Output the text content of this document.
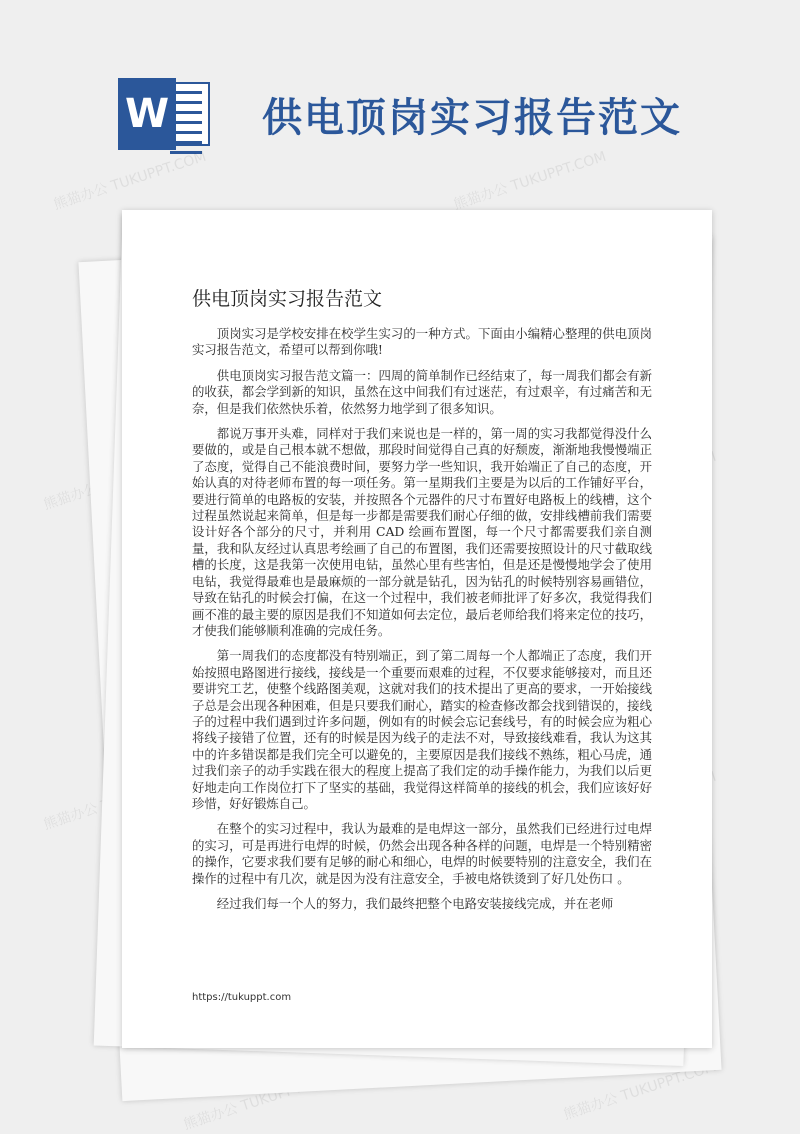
W 供电顶岗实习报告范文
熊猫办公 TUKUPPT.COM	熊猫办公 TUKUPPT.COM
熊猫办公
熊猫办公
熊猫办公 TUKUPPT.COM	熊猫办公 TUKUPPT.COM
供电顶岗实习报告范文

顶岗实习是学校安排在校学生实习的一种方式。下面由小编精心整理的供电顶岗实习报告范文，希望可以帮到你哦!

供电顶岗实习报告范文篇一：四周的简单制作已经结束了，每一周我们都会有新的收获，都会学到新的知识，虽然在这中间我们有过迷茫，有过艰辛，有过痛苦和无奈，但是我们依然快乐着，依然努力地学到了很多知识。

都说万事开头难，同样对于我们来说也是一样的，第一周的实习我都觉得没什么要做的，或是自己根本就不想做，那段时间觉得自己真的好颓废，渐渐地我慢慢端正了态度，觉得自己不能浪费时间，要努力学一些知识，我开始端正了自己的态度，开始认真的对待老师布置的每一项任务。第一星期我们主要是为以后的工作铺好平台，要进行简单的电路板的安装，并按照各个元器件的尺寸布置好电路板上的线槽，这个过程虽然说起来简单，但是每一步都是需要我们耐心仔细的做，安排线槽前我们需要设计好各个部分的尺寸，并利用 CAD 绘画布置图，每一个尺寸都需要我们亲自测量，我和队友经过认真思考绘画了自己的布置图，我们还需要按照设计的尺寸截取线槽的长度，这是我第一次使用电钻，虽然心里有些害怕，但是还是慢慢地学会了使用电钻，我觉得最难也是最麻烦的一部分就是钻孔，因为钻孔的时候特别容易画错位，导致在钻孔的时候会打偏，在这一个过程中，我们被老师批评了好多次，我觉得我们画不准的最主要的原因是我们不知道如何去定位，最后老师给我们将来定位的技巧，才使我们能够顺利准确的完成任务。

第一周我们的态度都没有特别端正，到了第二周每一个人都端正了态度，我们开始按照电路图进行接线，接线是一个重要而艰难的过程，不仅要求能够接对，而且还要讲究工艺，使整个线路图美观，这就对我们的技术提出了更高的要求，一开始接线子总是会出现各种困难，但是只要我们耐心，踏实的检查修改都会找到错误的，接线子的过程中我们遇到过许多问题，例如有的时候会忘记套线号，有的时候会应为粗心将线子接错了位置，还有的时候是因为线子的走法不对，导致接线难看，我认为这其中的许多错误都是我们完全可以避免的，主要原因是我们接线不熟练，粗心马虎，通过我们亲子的动手实践在很大的程度上提高了我们定的动手操作能力，为我们以后更好地走向工作岗位打下了坚实的基础，我觉得这样简单的接线的机会，我们应该好好珍惜，好好锻炼自己。

在整个的实习过程中，我认为最难的是电焊这一部分，虽然我们已经进行过电焊的实习，可是再进行电焊的时候，仍然会出现各种各样的问题，电焊是一个特别精密的操作，它要求我们要有足够的耐心和细心，电焊的时候要特别的注意安全，我们在操作的过程中有几次，就是因为没有注意安全，手被电烙铁烫到了好几处伤口 。

经过我们每一个人的努力，我们最终把整个电路安装接线完成，并在老师

https://tukuppt.com
